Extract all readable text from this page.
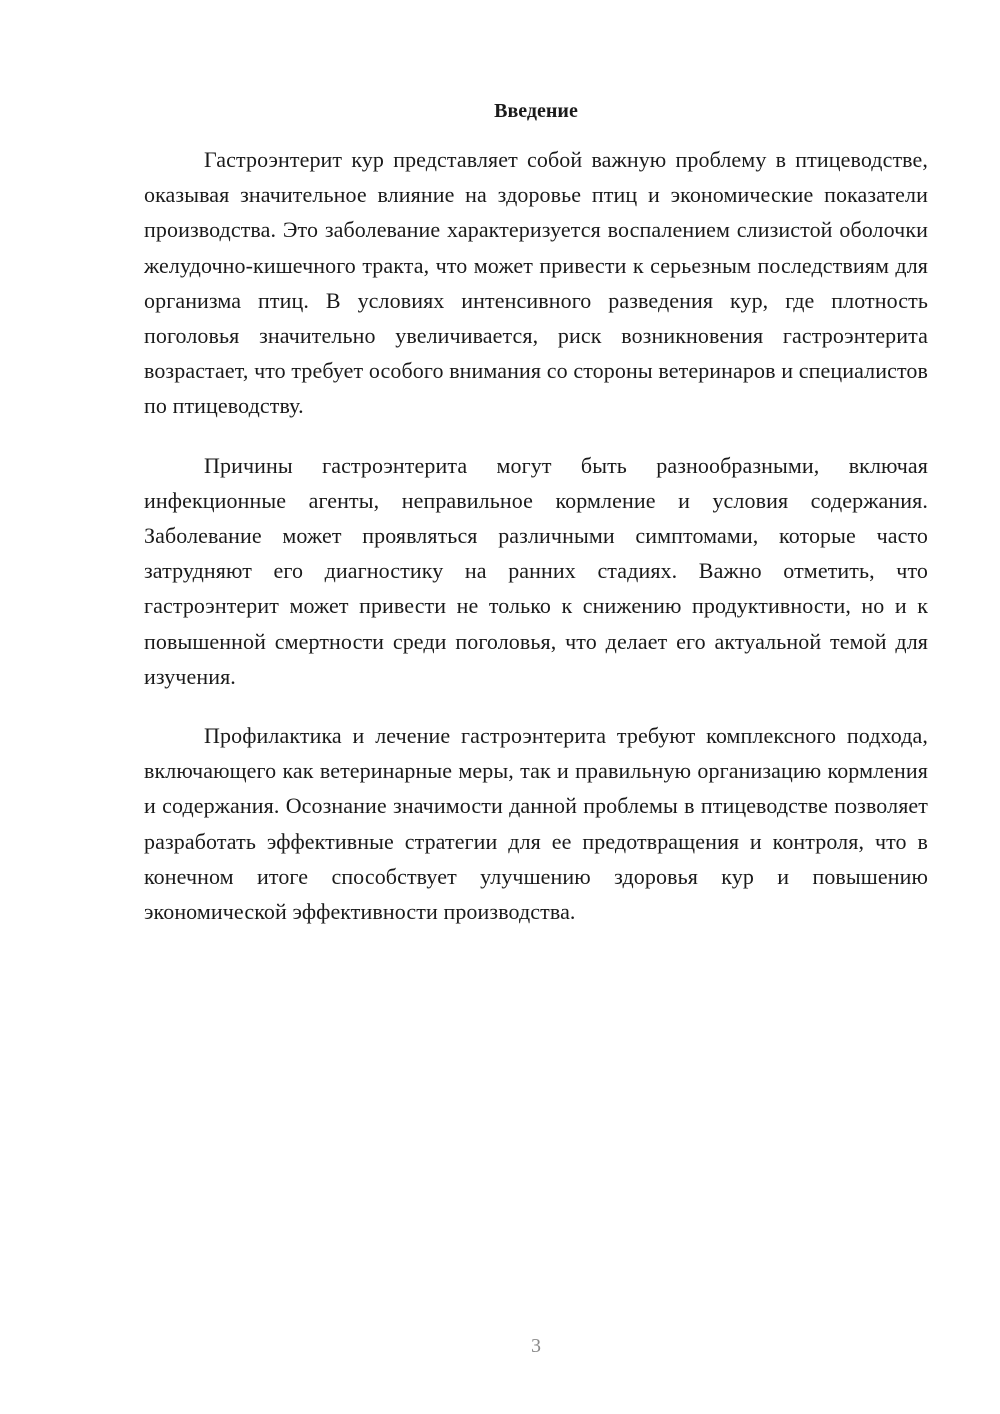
Введение

Гастроэнтерит кур представляет собой важную проблему в птицеводстве, оказывая значительное влияние на здоровье птиц и экономические показатели производства. Это заболевание характеризуется воспалением слизистой оболочки желудочно-кишечного тракта, что может привести к серьезным последствиям для организма птиц. В условиях интенсивного разведения кур, где плотность поголовья значительно увеличивается, риск возникновения гастроэнтерита возрастает, что требует особого внимания со стороны ветеринаров и специалистов по птицеводству.

Причины гастроэнтерита могут быть разнообразными, включая инфекционные агенты, неправильное кормление и условия содержания. Заболевание может проявляться различными симптомами, которые часто затрудняют его диагностику на ранних стадиях. Важно отметить, что гастроэнтерит может привести не только к снижению продуктивности, но и к повышенной смертности среди поголовья, что делает его актуальной темой для изучения.

Профилактика и лечение гастроэнтерита требуют комплексного подхода, включающего как ветеринарные меры, так и правильную организацию кормления и содержания. Осознание значимости данной проблемы в птицеводстве позволяет разработать эффективные стратегии для ее предотвращения и контроля, что в конечном итоге способствует улучшению здоровья кур и повышению экономической эффективности производства.

3
